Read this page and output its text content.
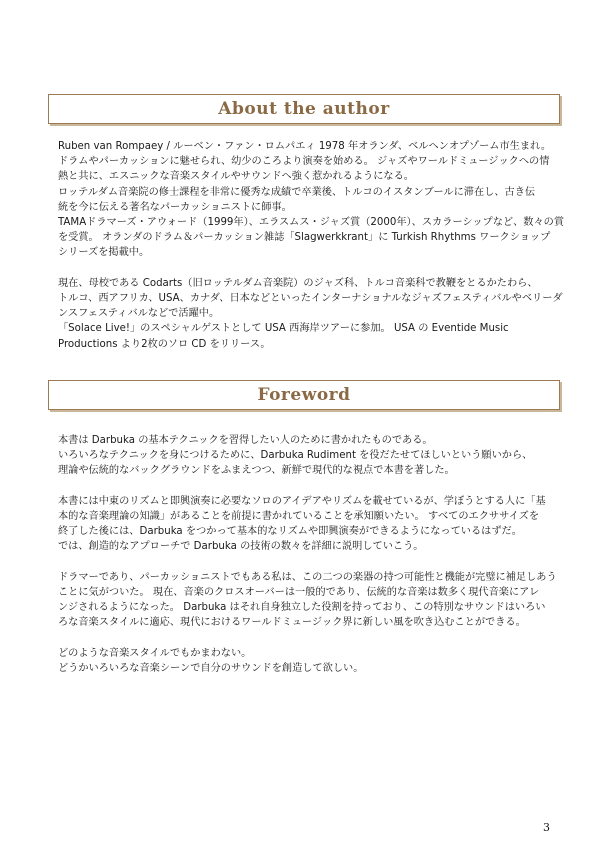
About the author

Ruben van Rompaey / ルーベン・ファン・ロムパエィ 1978 年オランダ、ベルヘンオプゾーム市生まれ。
ドラムやパーカッションに魅せられ、幼少のころより演奏を始める。 ジャズやワールドミュージックへの情
熱と共に、エスニックな音楽スタイルやサウンドへ強く惹かれるようになる。
ロッテルダム音楽院の修士課程を非常に優秀な成績で卒業後、トルコのイスタンブールに滞在し、古き伝
統を今に伝える著名なパーカッショニストに師事。
TAMAドラマーズ・アウォード（1999年）、エラスムス・ジャズ賞（2000年）、スカラーシップなど、数々の賞
を受賞。 オランダのドラム＆パーカッション雑誌「Slagwerkkrant」に Turkish Rhythms ワークショップ
シリーズを掲載中。

現在、母校である Codarts（旧ロッテルダム音楽院）のジャズ科、トルコ音楽科で教鞭をとるかたわら、
トルコ、西アフリカ、USA、カナダ、日本などといったインターナショナルなジャズフェスティバルやベリーダ
ンスフェスティバルなどで活躍中。
「Solace Live!」のスペシャルゲストとして USA 西海岸ツアーに参加。 USA の Eventide Music
Productions より2枚のソロ CD をリリース。

Foreword

本書は Darbuka の基本テクニックを習得したい人のために書かれたものである。
いろいろなテクニックを身につけるために、Darbuka Rudiment を役だたせてほしいという願いから、
理論や伝統的なバックグラウンドをふまえつつ、新鮮で現代的な視点で本書を著した。

本書には中東のリズムと即興演奏に必要なソロのアイデアやリズムを載せているが、学ぼうとする人に「基
本的な音楽理論の知識」があることを前提に書かれていることを承知願いたい。 すべてのエクササイズを
終了した後には、Darbuka をつかって基本的なリズムや即興演奏ができるようになっているはずだ。
では、創造的なアプローチで Darbuka の技術の数々を詳細に説明していこう。

ドラマーであり、パーカッショニストでもある私は、この二つの楽器の持つ可能性と機能が完璧に補足しあう
ことに気がついた。 現在、音楽のクロスオーバーは一般的であり、伝統的な音楽は数多く現代音楽にアレ
ンジされるようになった。 Darbuka はそれ自身独立した役割を持っており、この特別なサウンドはいろい
ろな音楽スタイルに適応、現代におけるワールドミュージック界に新しい風を吹き込むことができる。

どのような音楽スタイルでもかまわない。
どうかいろいろな音楽シーンで自分のサウンドを創造して欲しい。

3
